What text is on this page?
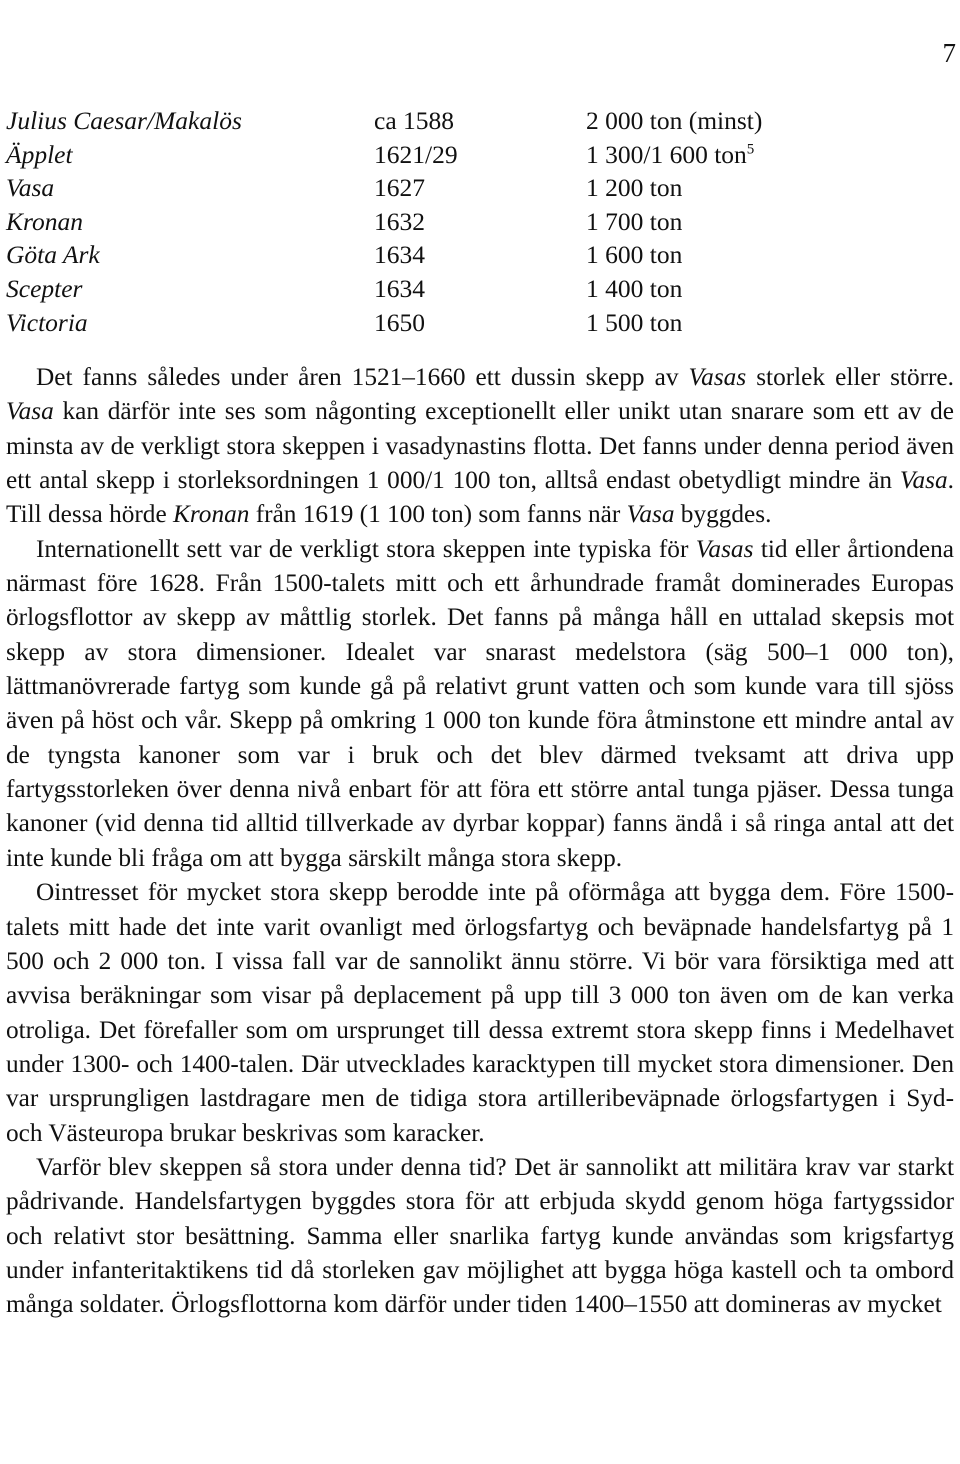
7
Julius Caesar/Makalös	ca 1588	2 000 ton (minst)
Äpplet	1621/29	1 300/1 600 ton$^5$
Vasa	1627	1 200 ton
Kronan	1632	1 700 ton
Göta Ark	1634	1 600 ton
Scepter	1634	1 400 ton
Victoria	1650	1 500 ton

Det fanns således under åren 1521–1660 ett dussin skepp av Vasas storlek eller större. Vasa kan därför inte ses som någonting exceptionellt eller unikt utan snarare som ett av de minsta av de verkligt stora skeppen i vasadynastins flotta. Det fanns under denna period även ett antal skepp i storleksordningen 1 000/1 100 ton, alltså endast obetydligt mindre än Vasa. Till dessa hörde Kronan från 1619 (1 100 ton) som fanns när Vasa byggdes.

Internationellt sett var de verkligt stora skeppen inte typiska för Vasas tid eller årtiondena närmast före 1628. Från 1500-talets mitt och ett århundrade framåt dominerades Europas örlogsflottor av skepp av måttlig storlek. Det fanns på många håll en uttalad skepsis mot skepp av stora dimensioner. Idealet var snarast medelstora (säg 500–1 000 ton), lättmanövrerade fartyg som kunde gå på relativt grunt vatten och som kunde vara till sjöss även på höst och vår. Skepp på omkring 1 000 ton kunde föra åtminstone ett mindre antal av de tyngsta kanoner som var i bruk och det blev därmed tveksamt att driva upp fartygsstorleken över denna nivå enbart för att föra ett större antal tunga pjäser. Dessa tunga kanoner (vid denna tid alltid tillverkade av dyrbar koppar) fanns ändå i så ringa antal att det inte kunde bli fråga om att bygga särskilt många stora skepp.

Ointresset för mycket stora skepp berodde inte på oförmåga att bygga dem. Före 1500-talets mitt hade det inte varit ovanligt med örlogsfartyg och beväpnade handelsfartyg på 1 500 och 2 000 ton. I vissa fall var de sannolikt ännu större. Vi bör vara försiktiga med att avvisa beräkningar som visar på deplacement på upp till 3 000 ton även om de kan verka otroliga. Det förefaller som om ursprunget till dessa extremt stora skepp finns i Medelhavet under 1300- och 1400-talen. Där utvecklades karacktypen till mycket stora dimensioner. Den var ursprungligen lastdragare men de tidiga stora artilleribeväpnade örlogsfartygen i Syd- och Västeuropa brukar beskrivas som karacker.

Varför blev skeppen så stora under denna tid? Det är sannolikt att militära krav var starkt pådrivande. Handelsfartygen byggdes stora för att erbjuda skydd genom höga fartygssidor och relativt stor besättning. Samma eller snarlika fartyg kunde användas som krigsfartyg under infanteritaktikens tid då storleken gav möjlighet att bygga höga kastell och ta ombord många soldater. Örlogsflottorna kom därför under tiden 1400–1550 att domineras av mycket
